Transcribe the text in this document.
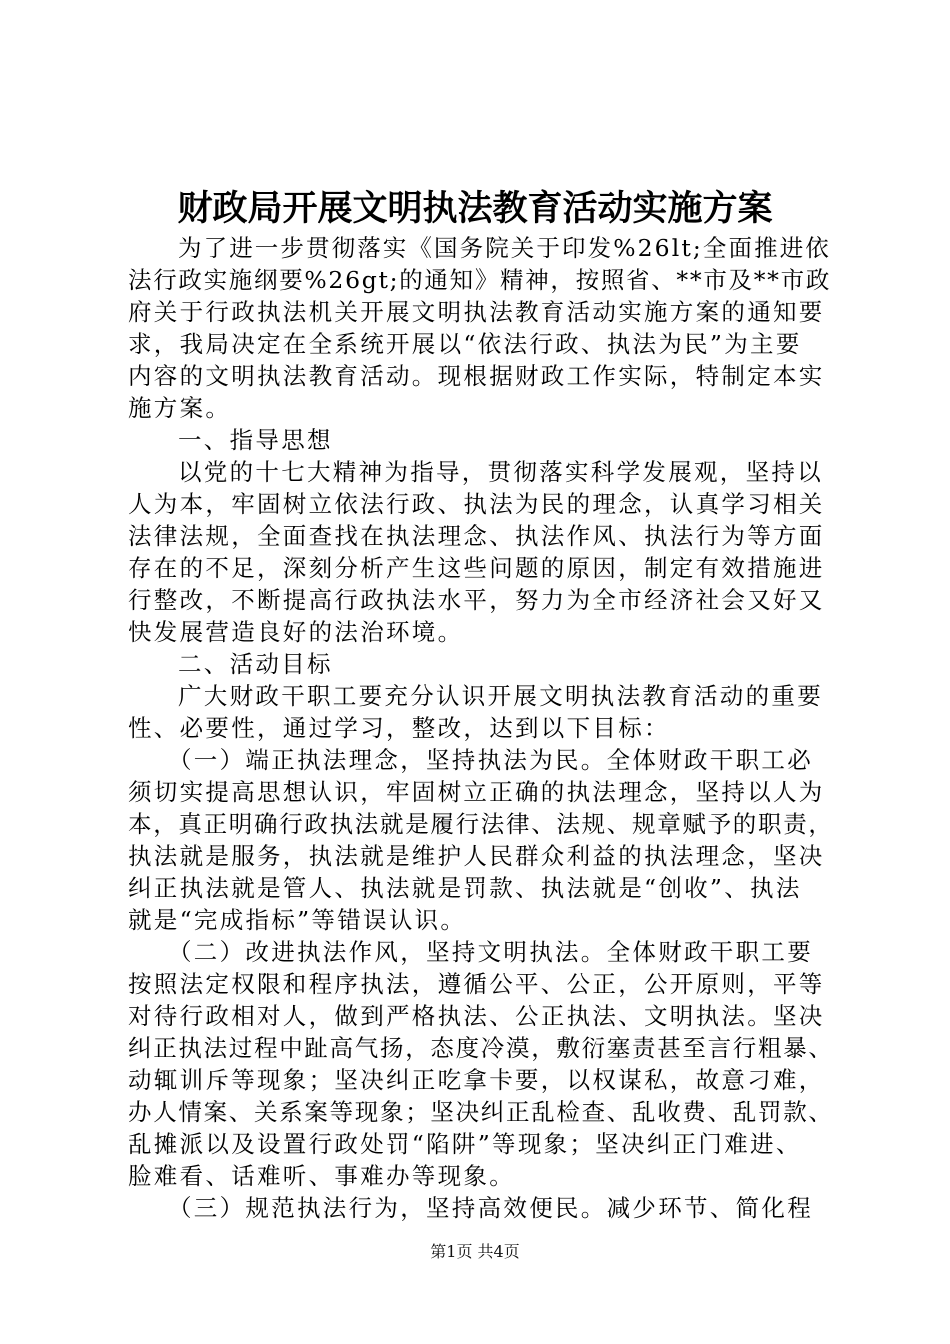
财政局开展文明执法教育活动实施方案

为了进一步贯彻落实《国务院关于印发%26lt;全面推进依

法行政实施纲要%26gt;的通知》精神，按照省、**市及**市政

府关于行政执法机关开展文明执法教育活动实施方案的通知要

求，我局决定在全系统开展以“依法行政、执法为民”为主要

内容的文明执法教育活动。现根据财政工作实际，特制定本实

施方案。

一、指导思想

以党的十七大精神为指导，贯彻落实科学发展观，坚持以

人为本，牢固树立依法行政、执法为民的理念，认真学习相关

法律法规，全面查找在执法理念、执法作风、执法行为等方面

存在的不足，深刻分析产生这些问题的原因，制定有效措施进

行整改，不断提高行政执法水平，努力为全市经济社会又好又

快发展营造良好的法治环境。

二、活动目标

广大财政干职工要充分认识开展文明执法教育活动的重要

性、必要性，通过学习，整改，达到以下目标：

（一）端正执法理念，坚持执法为民。全体财政干职工必

须切实提高思想认识，牢固树立正确的执法理念，坚持以人为

本，真正明确行政执法就是履行法律、法规、规章赋予的职责，

执法就是服务，执法就是维护人民群众利益的执法理念，坚决

纠正执法就是管人、执法就是罚款、执法就是“创收”、执法

就是“完成指标”等错误认识。

（二）改进执法作风，坚持文明执法。全体财政干职工要

按照法定权限和程序执法，遵循公平、公正，公开原则，平等

对待行政相对人，做到严格执法、公正执法、文明执法。坚决

纠正执法过程中趾高气扬，态度冷漠，敷衍塞责甚至言行粗暴、

动辄训斥等现象；坚决纠正吃拿卡要，以权谋私，故意刁难，

办人情案、关系案等现象；坚决纠正乱检查、乱收费、乱罚款、

乱摊派以及设置行政处罚“陷阱”等现象；坚决纠正门难进、

脸难看、话难听、事难办等现象。

（三）规范执法行为，坚持高效便民。减少环节、简化程

第1页 共4页
